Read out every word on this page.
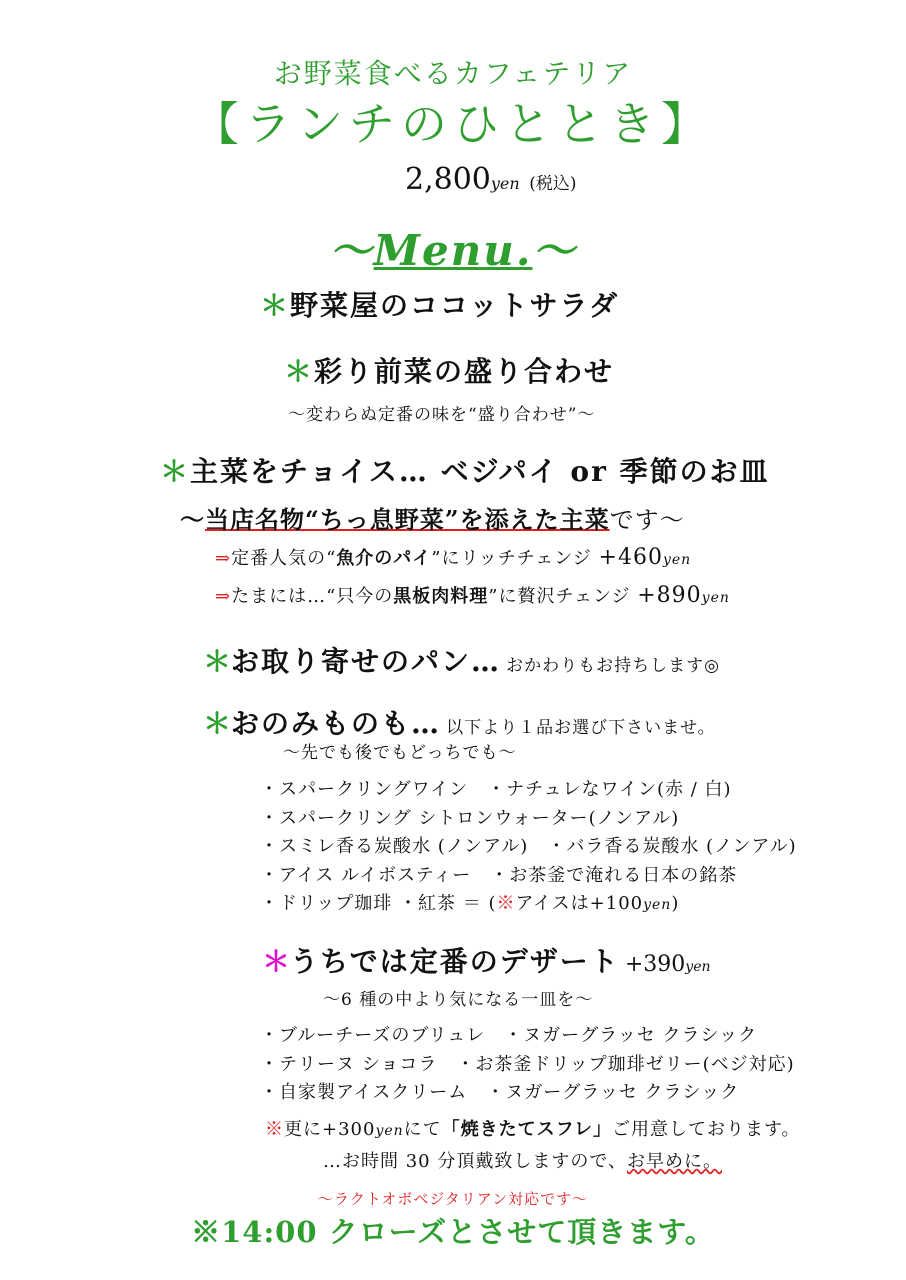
お野菜食べるカフェテリア
【ランチのひととき】
2,800yen (税込)
～Menu.～
＊野菜屋のココットサラダ
＊彩り前菜の盛り合わせ
～変わらぬ定番の味を“盛り合わせ”～
＊主菜をチョイス… ベジパイ or 季節のお皿
～当店名物“ちっ息野菜”を添えた主菜です～
⇒定番人気の“魚介のパイ”にリッチチェンジ +460yen
⇒たまには…“只今の黒板肉料理”に贅沢チェンジ +890yen
＊お取り寄せのパン… おかわりもお持ちします◎
＊おのみものも… 以下より１品お選び下さいませ。
～先でも後でもどっちでも～
・スパークリングワイン　・ナチュレなワイン(赤 / 白)
・スパークリング シトロンウォーター(ノンアル)
・スミレ香る炭酸水 (ノンアル)　・バラ香る炭酸水 (ノンアル)
・アイス ルイボスティー　・お茶釜で淹れる日本の銘茶
・ドリップ珈琲 ・紅茶 ＝ (※アイスは+100yen)
＊うちでは定番のデザート +390yen
～6 種の中より気になる一皿を～
・ブルーチーズのブリュレ　・ヌガーグラッセ クラシック
・テリーヌ ショコラ　・お茶釜ドリップ珈琲ゼリー(ベジ対応)
・自家製アイスクリーム　・ヌガーグラッセ クラシック
※更に+300yenにて「焼きたてスフレ」ご用意しております。
…お時間 30 分頂戴致しますので、お早めに。
～ラクトオボベジタリアン対応です～
※14:00 クローズとさせて頂きます。
